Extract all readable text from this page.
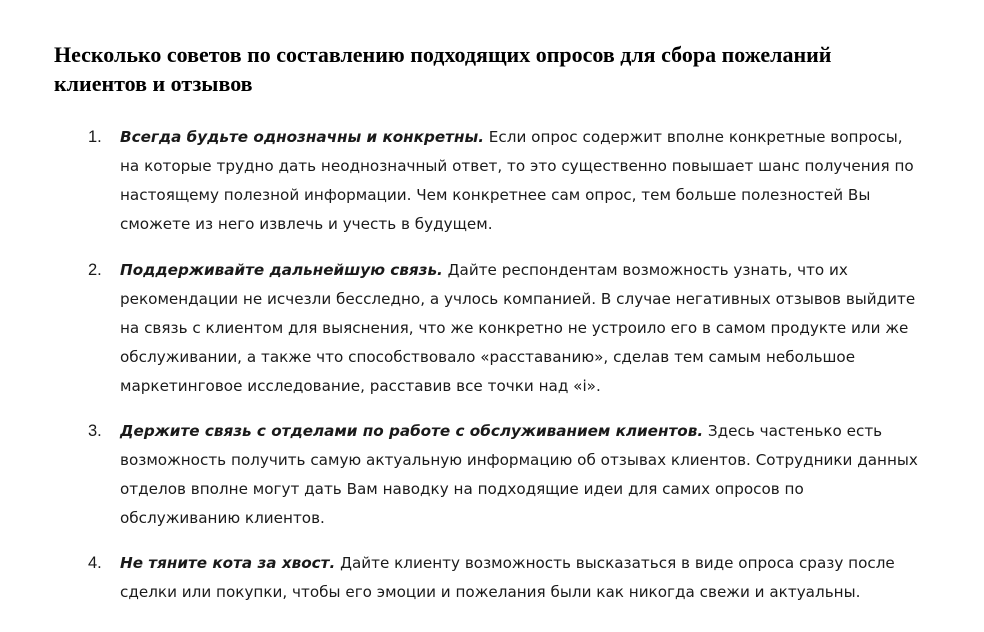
Несколько советов по составлению подходящих опросов для сбора пожеланий клиентов и отзывов
1. Всегда будьте однозначны и конкретны. Если опрос содержит вполне конкретные вопросы, на которые трудно дать неоднозначный ответ, то это существенно повышает шанс получения по настоящему полезной информации. Чем конкретнее сам опрос, тем больше полезностей Вы сможете из него извлечь и учесть в будущем.

2. Поддерживайте дальнейшую связь. Дайте респондентам возможность узнать, что их рекомендации не исчезли бесследно, а учлось компанией. В случае негативных отзывов выйдите на связь с клиентом для выяснения, что же конкретно не устроило его в самом продукте или же обслуживании, а также что способствовало «расставанию», сделав тем самым небольшое маркетинговое исследование, расставив все точки над «i».

3. Держите связь с отделами по работе с обслуживанием клиентов. Здесь частенько есть возможность получить самую актуальную информацию об отзывах клиентов. Сотрудники данных отделов вполне могут дать Вам наводку на подходящие идеи для самих опросов по обслуживанию клиентов.

4. Не тяните кота за хвост. Дайте клиенту возможность высказаться в виде опроса сразу после сделки или покупки, чтобы его эмоции и пожелания были как никогда свежи и актуальны.
